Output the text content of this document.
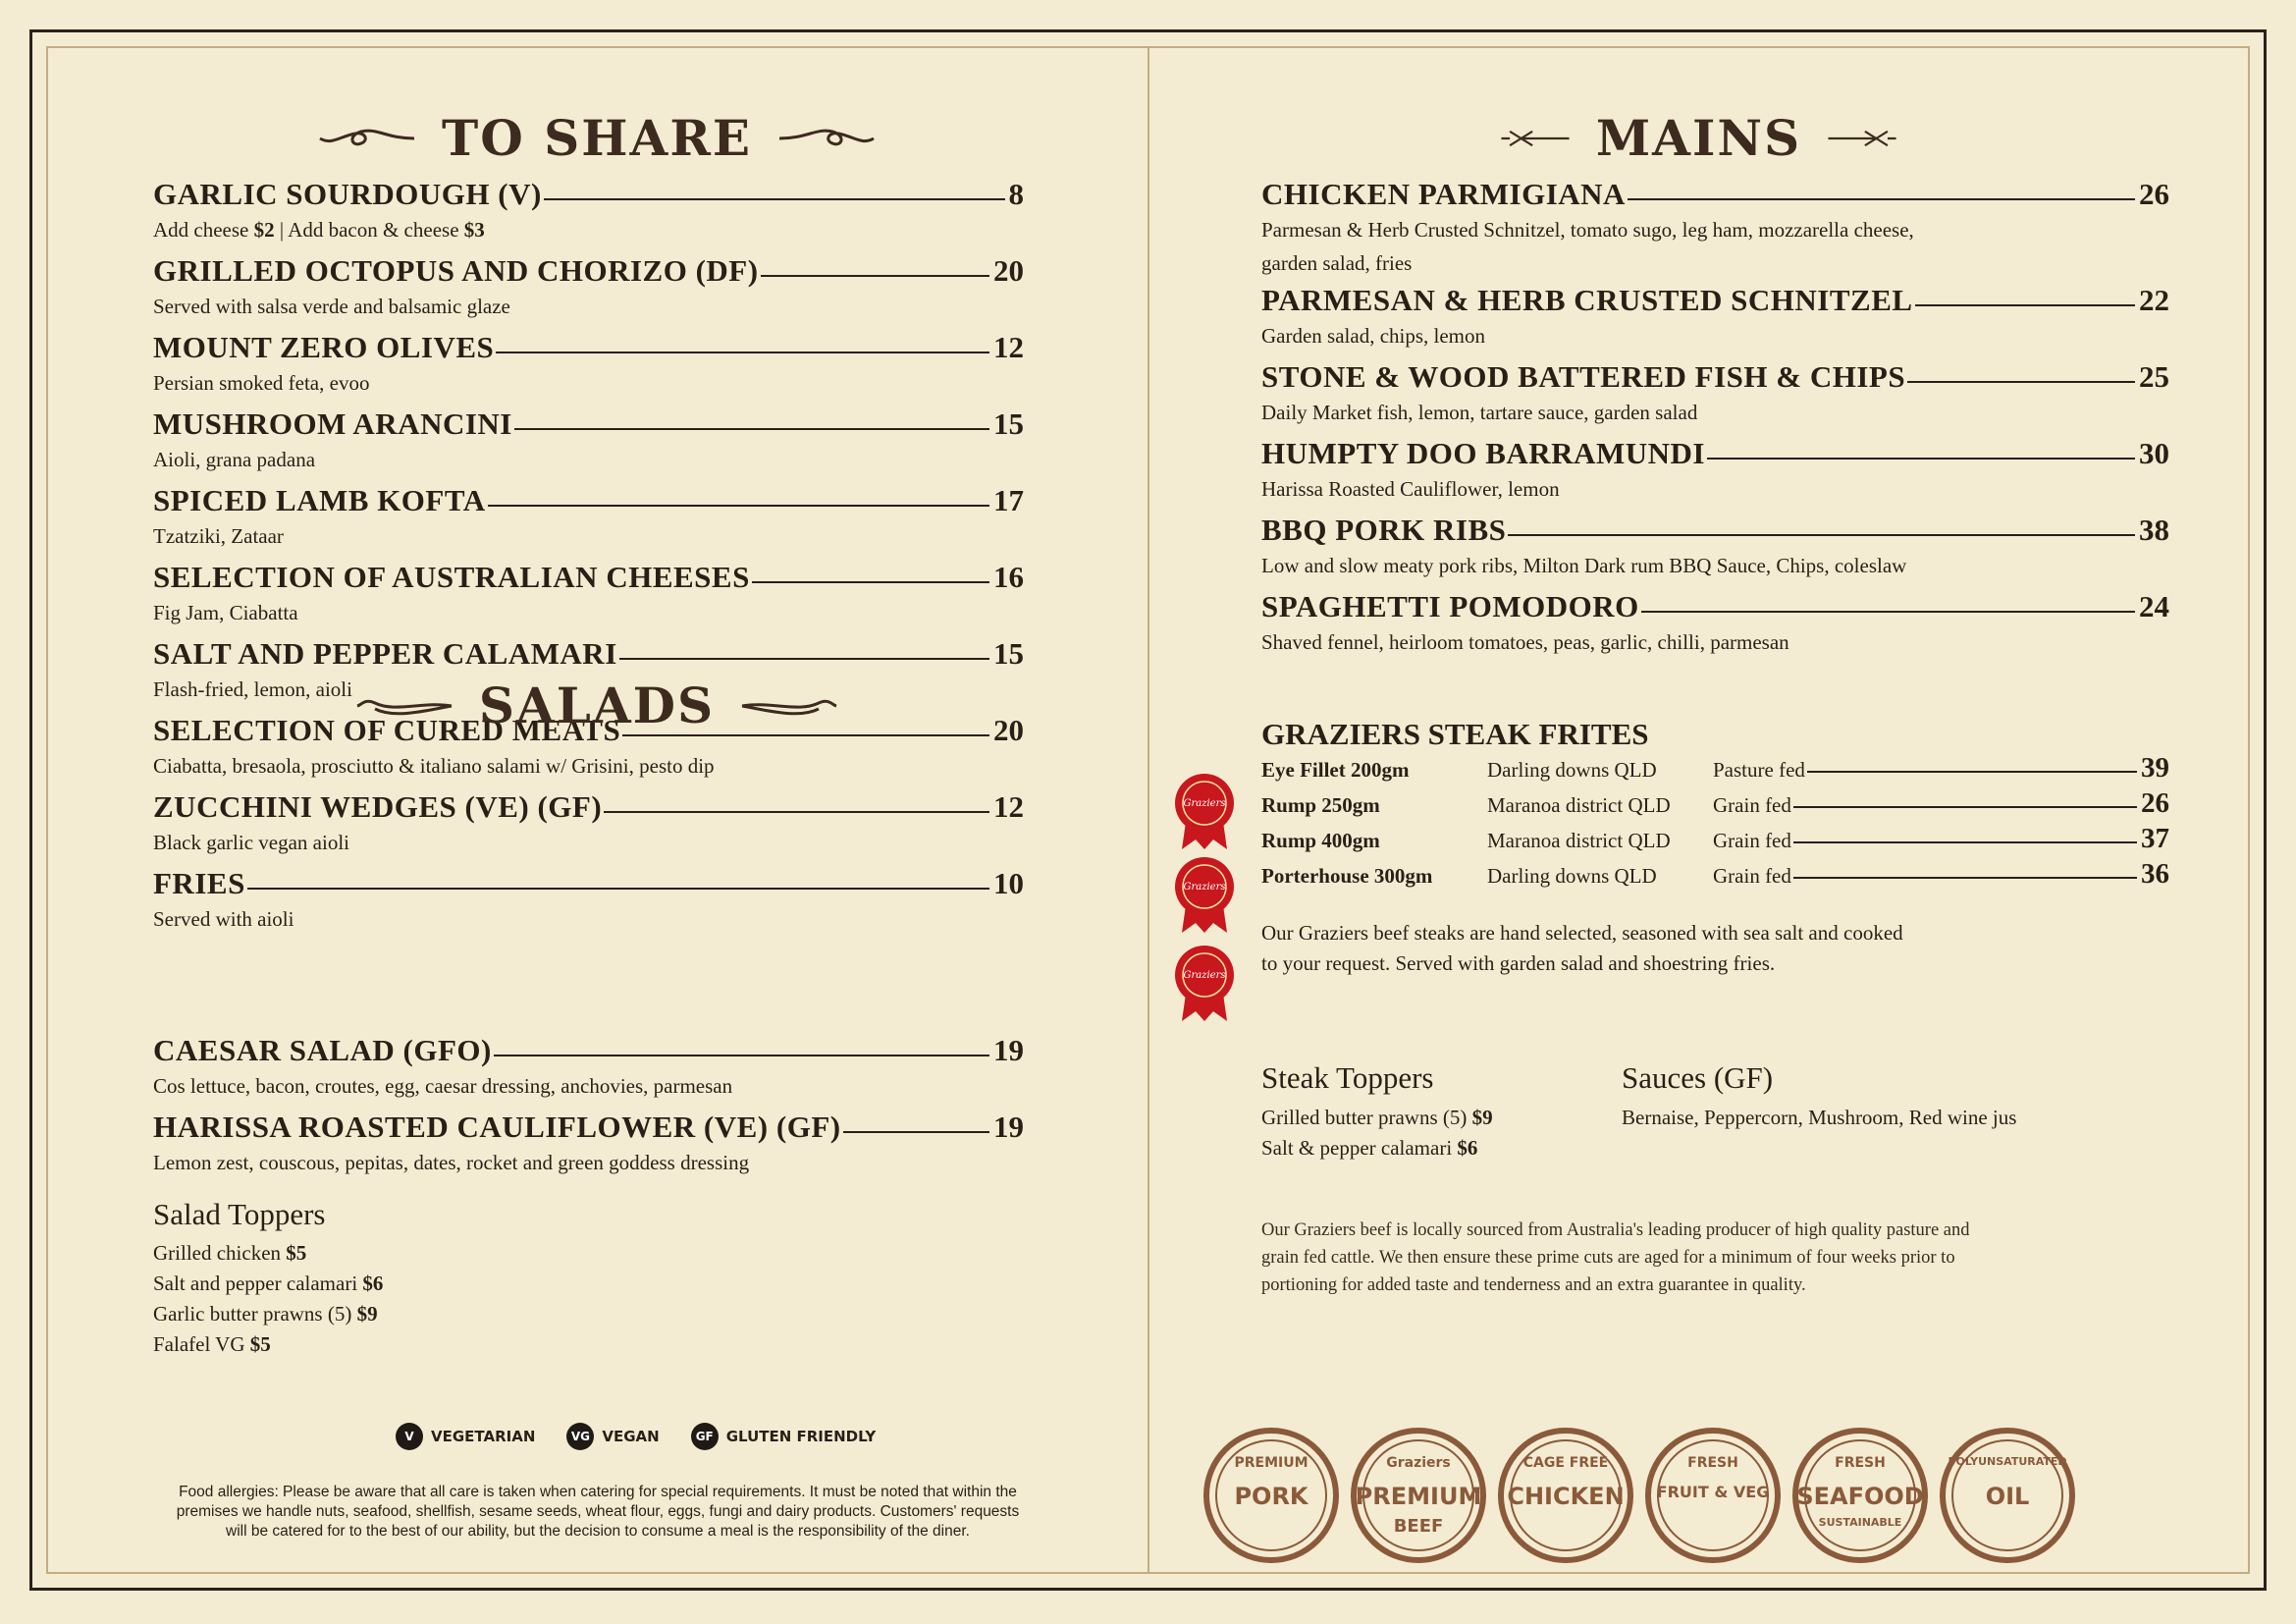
TO SHARE
GARLIC SOURDOUGH (V)	8
Add cheese $2 | Add bacon & cheese $3
GRILLED OCTOPUS AND CHORIZO (DF)	20
Served with salsa verde and balsamic glaze
MOUNT ZERO OLIVES	12
Persian smoked feta, evoo
MUSHROOM ARANCINI	15
Aioli, grana padana
SPICED LAMB KOFTA	17
Tzatziki, Zataar
SELECTION OF AUSTRALIAN CHEESES	16
Fig Jam, Ciabatta
SALT AND PEPPER CALAMARI	15
Flash-fried, lemon, aioli
SELECTION OF CURED MEATS	20
Ciabatta, bresaola, prosciutto & italiano salami w/ Grisini, pesto dip
ZUCCHINI WEDGES (VE) (GF)	12
Black garlic vegan aioli
FRIES	10
Served with aioli
SALADS
CAESAR SALAD (GFO)	19
Cos lettuce, bacon, croutes, egg, caesar dressing, anchovies, parmesan
HARISSA ROASTED CAULIFLOWER (VE) (GF)	19
Lemon zest, couscous, pepitas, dates, rocket and green goddess dressing
Salad Toppers
Grilled chicken $5
Salt and pepper calamari $6
Garlic butter prawns (5) $9
Falafel VG $5
V	VEGETARIAN	VG VEGAN	GF GLUTEN FRIENDLY
Food allergies: Please be aware that all care is taken when catering for special requirements. It must be noted that within the
premises we handle nuts, seafood, shellfish, sesame seeds, wheat flour, eggs, fungi and dairy products. Customers' requests
will be catered for to the best of our ability, but the decision to consume a meal is the responsibility of the diner.
MAINS
CHICKEN PARMIGIANA	26
Parmesan & Herb Crusted Schnitzel, tomato sugo, leg ham, mozzarella cheese,
garden salad, fries
PARMESAN & HERB CRUSTED SCHNITZEL	22
Garden salad, chips, lemon
STONE & WOOD BATTERED FISH & CHIPS	25
Daily Market fish, lemon, tartare sauce, garden salad
HUMPTY DOO BARRAMUNDI	30
Harissa Roasted Cauliflower, lemon
BBQ PORK RIBS	38
Low and slow meaty pork ribs, Milton Dark rum BBQ Sauce, Chips, coleslaw
SPAGHETTI POMODORO	24
Shaved fennel, heirloom tomatoes, peas, garlic, chilli, parmesan
GRAZIERS STEAK FRITES
Eye Fillet 200gm	Darling downs QLD	Pasture fed	39
Rump 250gm	Maranoa district QLD	Grain fed	26
Rump 400gm	Maranoa district QLD	Grain fed	37
Porterhouse 300gm	Darling downs QLD	Grain fed	36
Graziers
Graziers
Graziers
Our Graziers beef steaks are hand selected, seasoned with sea salt and cooked
to your request. Served with garden salad and shoestring fries.
Steak Toppers
Grilled butter prawns (5) $9
Salt & pepper calamari $6
Sauces (GF)
Bernaise, Peppercorn, Mushroom, Red wine jus
Our Graziers beef is locally sourced from Australia's leading producer of high quality pasture and
grain fed cattle. We then ensure these prime cuts are aged for a minimum of four weeks prior to
portioning for added taste and tenderness and an extra guarantee in quality.
PREMIUM
PORK
Graziers
PREMIUM
BEEF
CAGE FREE
CHICKEN
FRESH
FRUIT & VEG
FRESH
SEAFOOD
SUSTAINABLE
POLYUNSATURATED
OIL
